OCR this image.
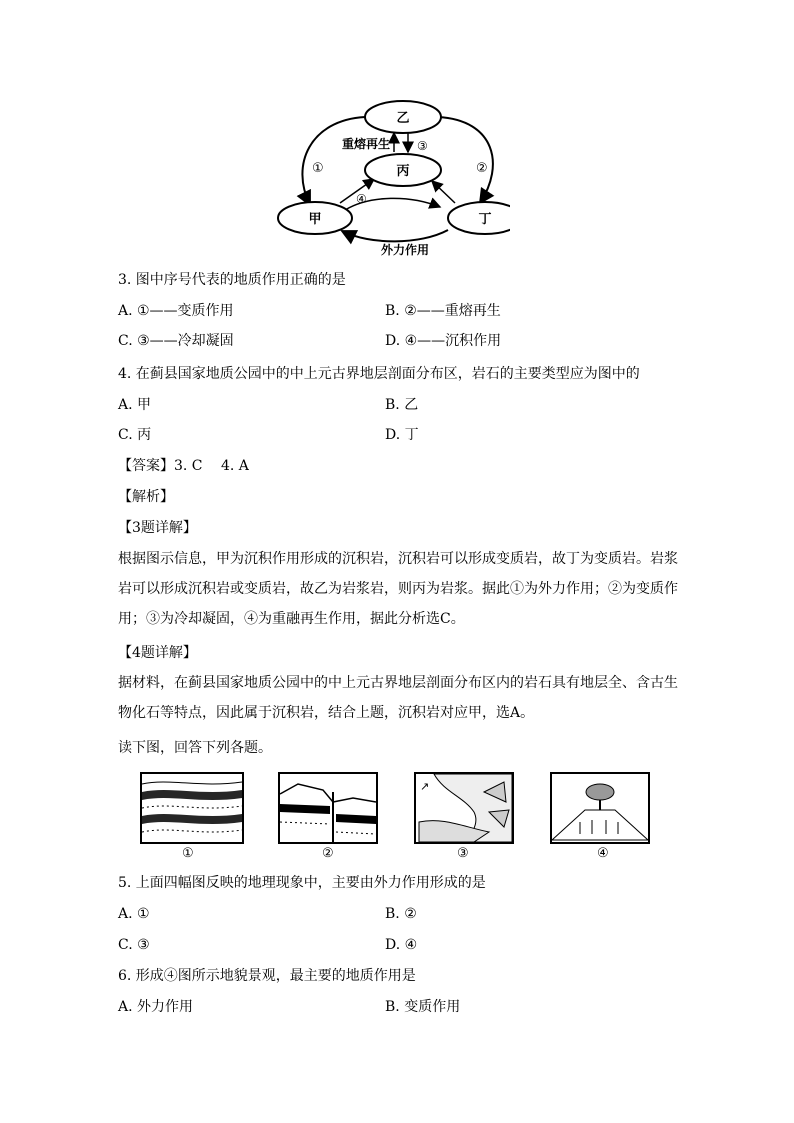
乙
丙
甲	丁
重熔再生
外力作用
①	②
③
④
3. 图中序号代表的地质作用正确的是
A. ①——变质作用	B. ②——重熔再生
C. ③——冷却凝固	D. ④——沉积作用
4. 在蓟县国家地质公园中的中上元古界地层剖面分布区，岩石的主要类型应为图中的
A. 甲	B. 乙
C. 丙	D. 丁
【答案】3. C　 4. A
【解析】
【3题详解】
根据图示信息，甲为沉积作用形成的沉积岩，沉积岩可以形成变质岩，故丁为变质岩。岩浆岩可以形成沉积岩或变质岩，故乙为岩浆岩，则丙为岩浆。据此①为外力作用；②为变质作用；③为冷却凝固，④为重融再生作用，据此分析选C。
【4题详解】
据材料，在蓟县国家地质公园中的中上元古界地层剖面分布区内的岩石具有地层全、含古生物化石等特点，因此属于沉积岩，结合上题，沉积岩对应甲，选A。
读下图，回答下列各题。
↗
①	②	③	④
5. 上面四幅图反映的地理现象中，主要由外力作用形成的是
A. ①	B. ②
C. ③	D. ④
6. 形成④图所示地貌景观，最主要的地质作用是
A. 外力作用	B. 变质作用
